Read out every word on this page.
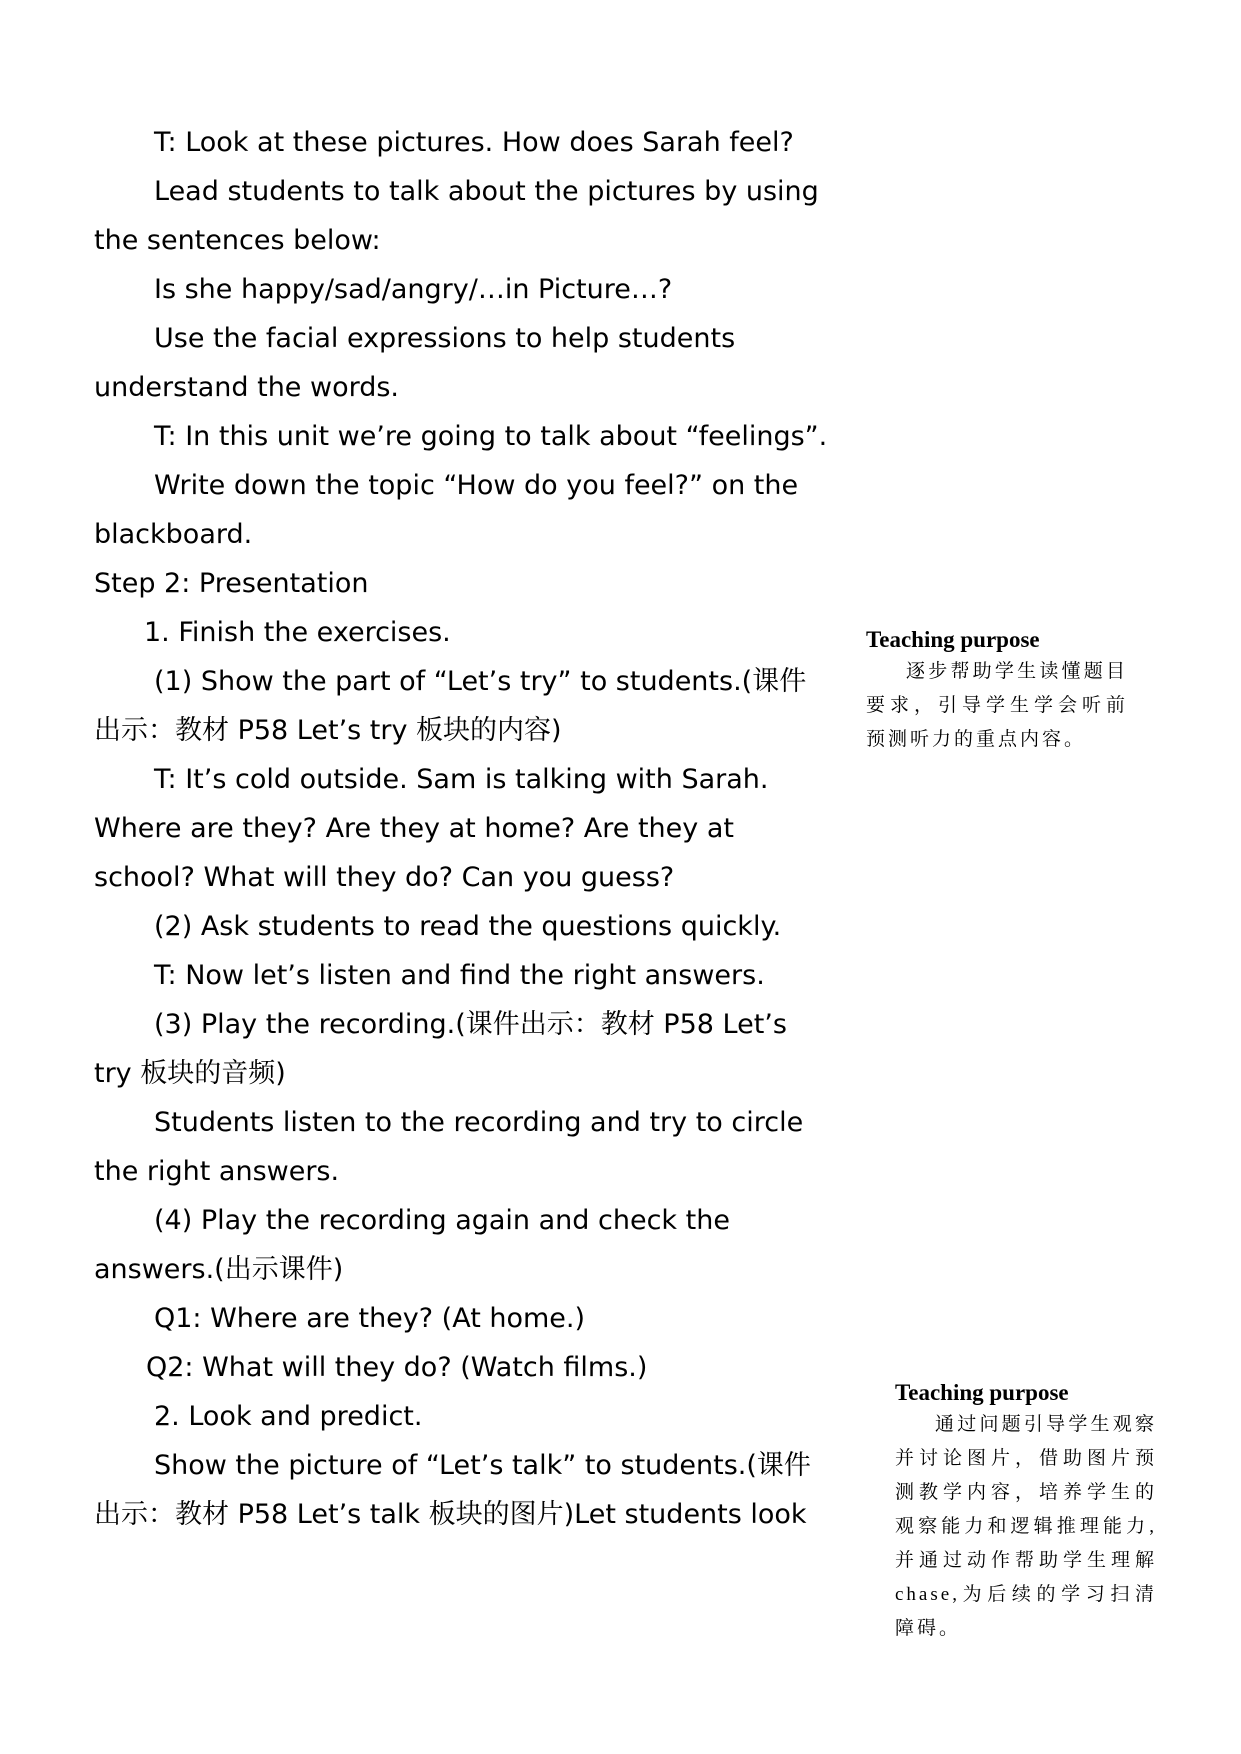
T: Look at these pictures. How does Sarah feel?
Lead students to talk about the pictures by using
the sentences below:
Is she happy/sad/angry/…in Picture…?
Use the facial expressions to help students
understand the words.
T: In this unit we’re going to talk about “feelings”.
Write down the topic “How do you feel?” on the
blackboard.
Step 2: Presentation
1. Finish the exercises.
(1) Show the part of “Let’s try” to students.(课件
出示：教材 P58 Let’s try 板块的内容)
T: It’s cold outside. Sam is talking with Sarah.
Where are they? Are they at home? Are they at
school? What will they do? Can you guess?
(2) Ask students to read the questions quickly.
T: Now let’s listen and find the right answers.
(3) Play the recording.(课件出示：教材 P58 Let’s
try 板块的音频)
Students listen to the recording and try to circle
the right answers.
(4) Play the recording again and check the
answers.(出示课件)
Q1: Where are they? (At home.)
Q2: What will they do? (Watch films.)
2. Look and predict.
Show the picture of “Let’s talk” to students.(课件
出示：教材 P58 Let’s talk 板块的图片)Let students look
Teaching purpose
逐步帮助学生读懂题目要求，引导学生学会听前预测听力的重点内容。
Teaching purpose
通过问题引导学生观察并讨论图片，借助图片预测教学内容，培养学生的观察能力和逻辑推理能力,并通过动作帮助学生理解chase,为后续的学习扫清障碍。
